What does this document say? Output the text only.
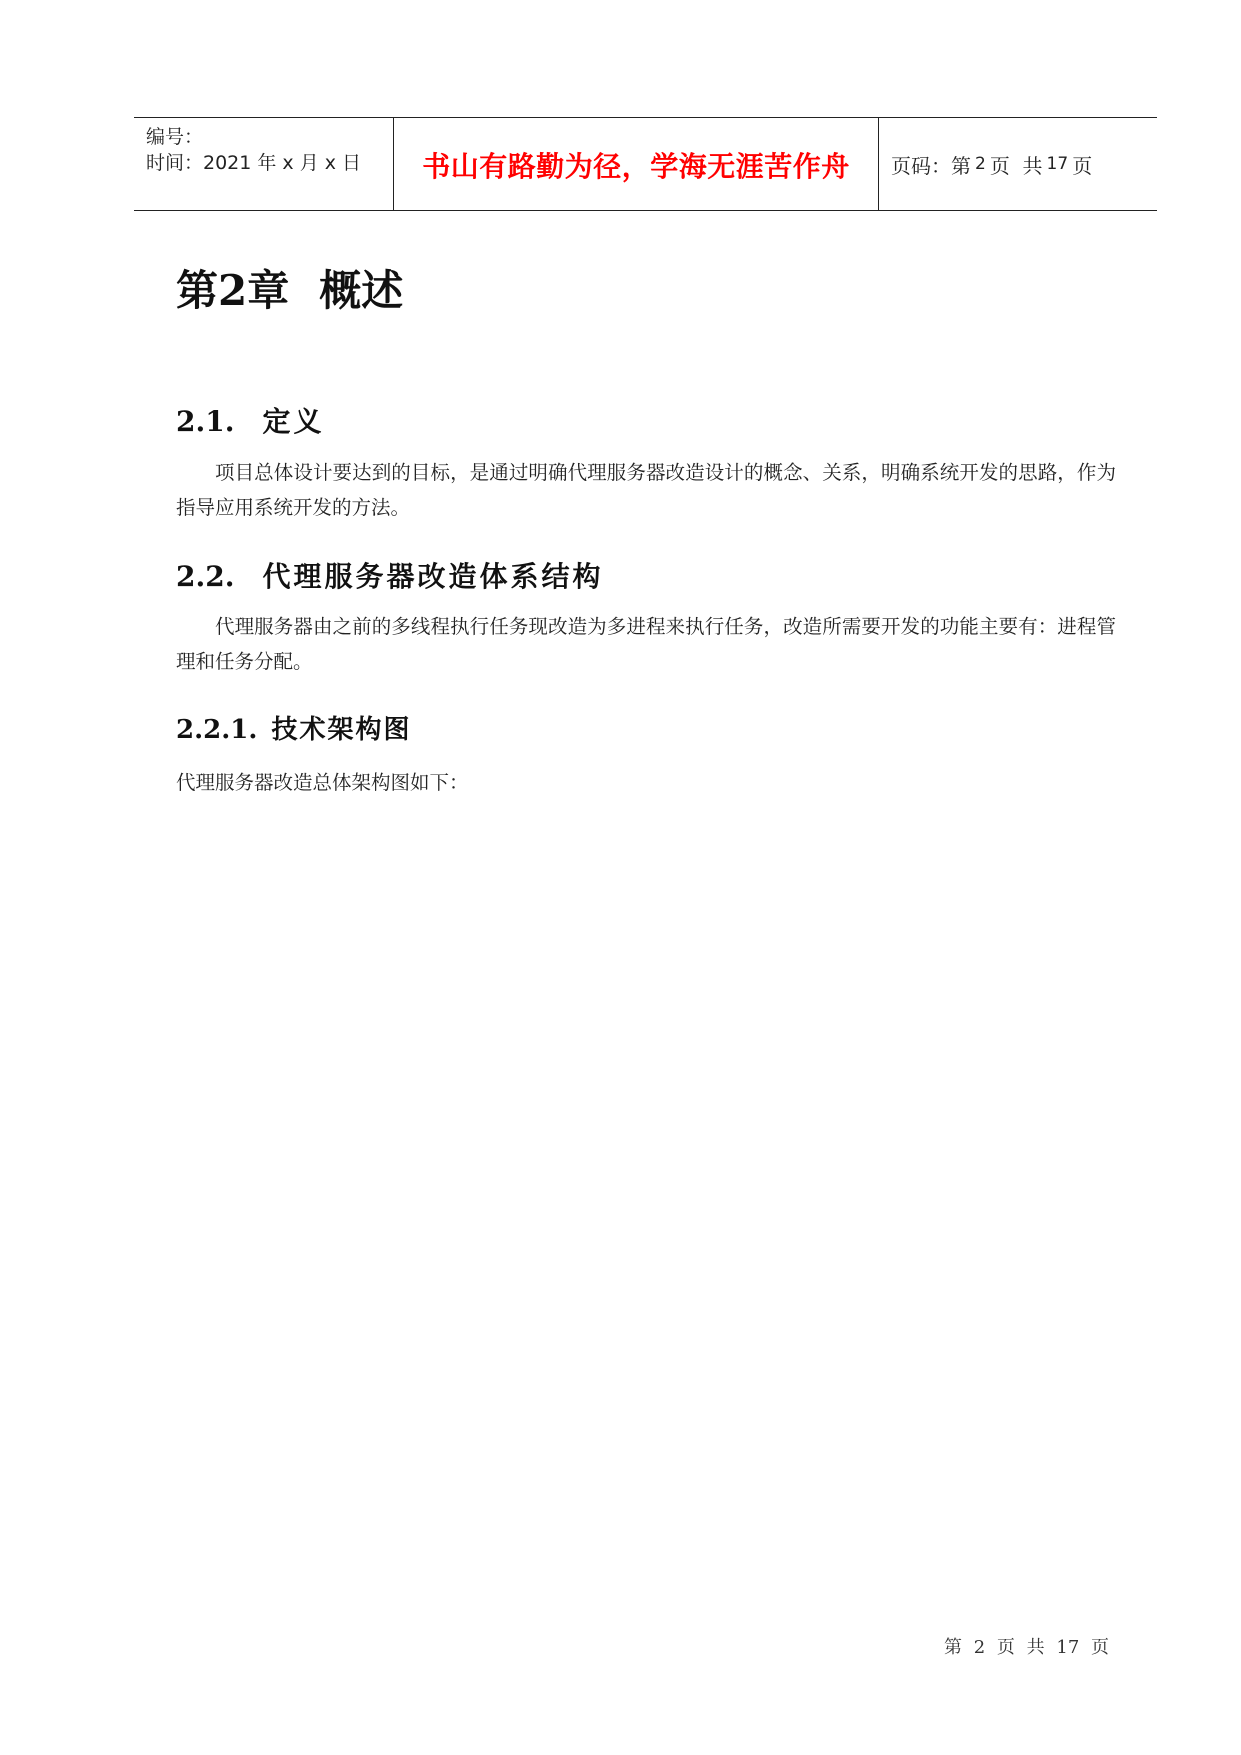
编号：
时间：2021 年 x 月 x 日 书山有路勤为径，学海无涯苦作舟 页码：第 2 页  共 17 页
第2章 概述
2.1. 定义

项目总体设计要达到的目标，是通过明确代理服务器改造设计的概念、关系，明确系统开发的思路，作为指导应用系统开发的方法。

2.2. 代理服务器改造体系结构

代理服务器由之前的多线程执行任务现改造为多进程来执行任务，改造所需要开发的功能主要有：进程管理和任务分配。

2.2.1. 技术架构图

代理服务器改造总体架构图如下：

第 2 页 共 17 页
